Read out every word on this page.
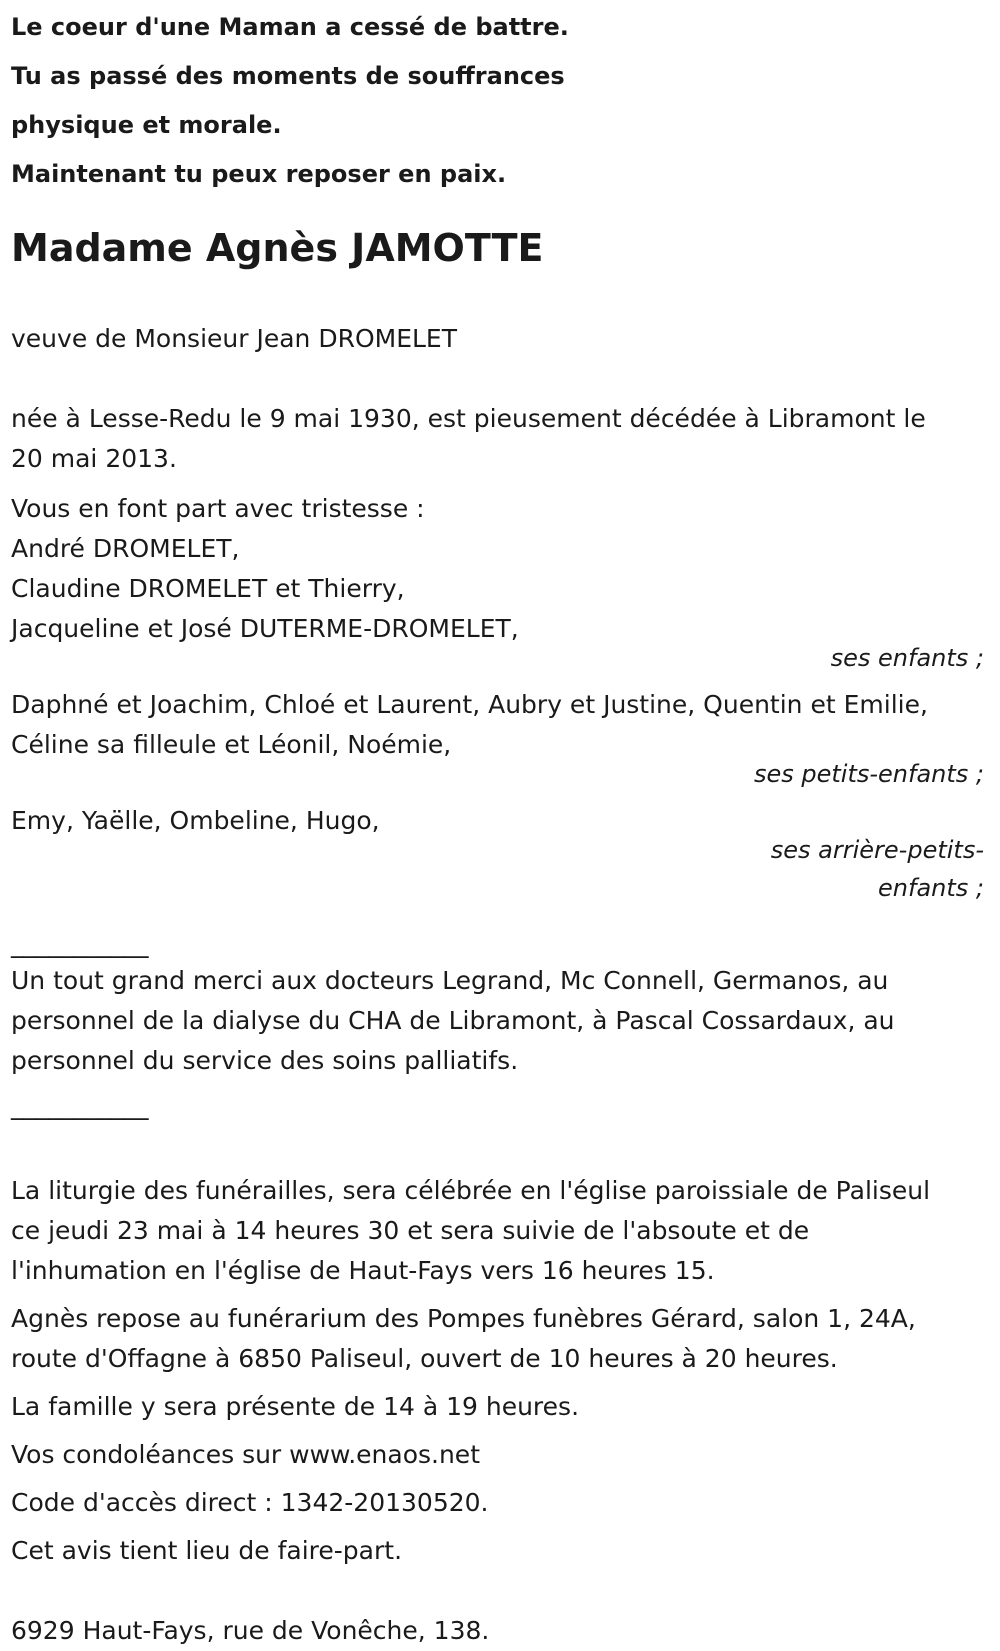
Le coeur d'une Maman a cessé de battre.
Tu as passé des moments de souffrances
physique et morale.
Maintenant tu peux reposer en paix.
Madame Agnès JAMOTTE
veuve de Monsieur Jean DROMELET
née à Lesse-Redu le 9 mai 1930, est pieusement décédée à Libramont le
20 mai 2013.
Vous en font part avec tristesse :
André DROMELET,
Claudine DROMELET et Thierry,
Jacqueline et José DUTERME-DROMELET,
ses enfants ;
Daphné et Joachim, Chloé et Laurent, Aubry et Justine, Quentin et Emilie,
Céline sa filleule et Léonil, Noémie,
ses petits-enfants ;
Emy, Yaëlle, Ombeline, Hugo,
ses arrière-petits-
enfants ;
___________
Un tout grand merci aux docteurs Legrand, Mc Connell, Germanos, au
personnel de la dialyse du CHA de Libramont, à Pascal Cossardaux, au
personnel du service des soins palliatifs.
___________
La liturgie des funérailles, sera célébrée en l'église paroissiale de Paliseul
ce jeudi 23 mai à 14 heures 30 et sera suivie de l'absoute et de
l'inhumation en l'église de Haut-Fays vers 16 heures 15.
Agnès repose au funérarium des Pompes funèbres Gérard, salon 1, 24A,
route d'Offagne à 6850 Paliseul, ouvert de 10 heures à 20 heures.
La famille y sera présente de 14 à 19 heures.
Vos condoléances sur www.enaos.net
Code d'accès direct : 1342-20130520.
Cet avis tient lieu de faire-part.
6929 Haut-Fays, rue de Vonêche, 138.
